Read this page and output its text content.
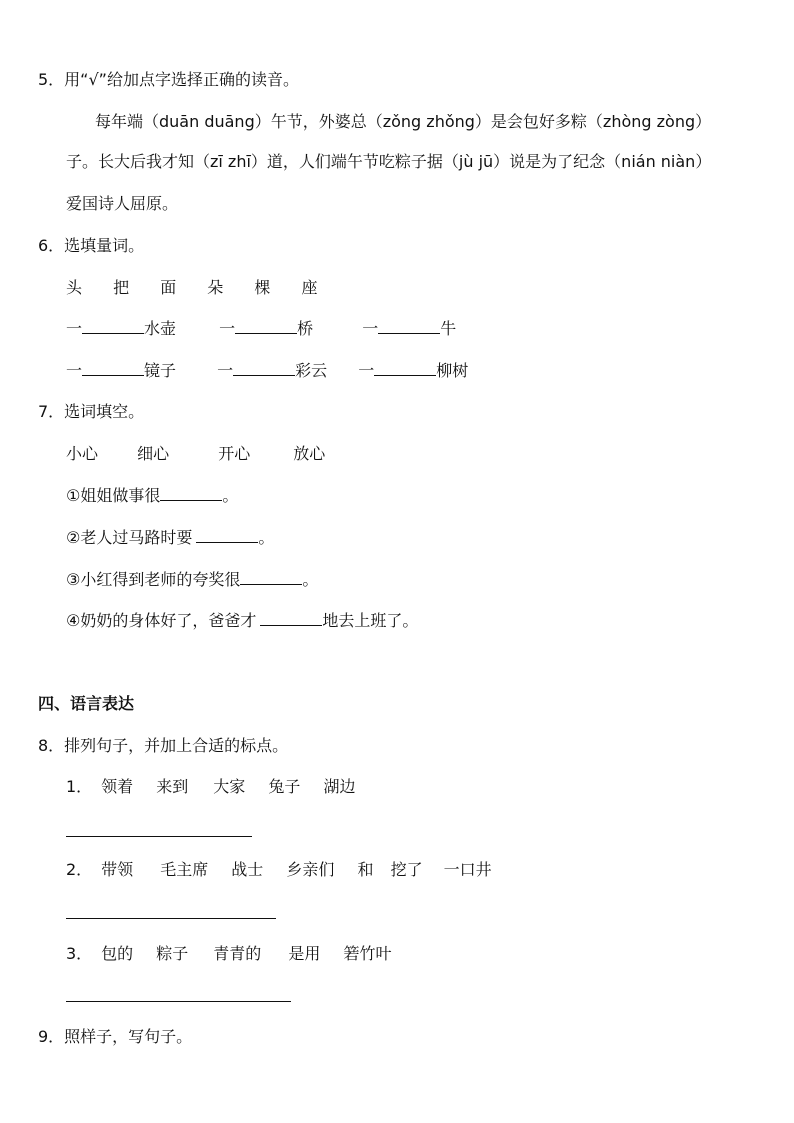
5．用“√”给加点字选择正确的读音。
每年端（duān duāng）午节，外婆总（zǒng zhǒng）是会包好多粽（zhòng zòng）
子。长大后我才知（zī zhī）道，人们端午节吃粽子据（jù jū）说是为了纪念（nián niàn）
爱国诗人屈原。
6．选填量词。
头 把 面 朵 棵 座
一	水壶	一	桥	一	牛
一	镜子	一	彩云 一	柳树
7．选词填空。
小心 细心	开心	放心
①姐姐做事很	。
②老人过马路时要	。
③小红得到老师的夸奖很	。
④奶奶的身体好了，爸爸才	地去上班了。
四、语言表达
8．排列句子，并加上合适的标点。
1． 领着 来到 大家 兔子 湖边
2． 带领 毛主席 战士 乡亲们 和 挖了 一口井
3． 包的 粽子 青青的 是用 箬竹叶
9．照样子，写句子。
